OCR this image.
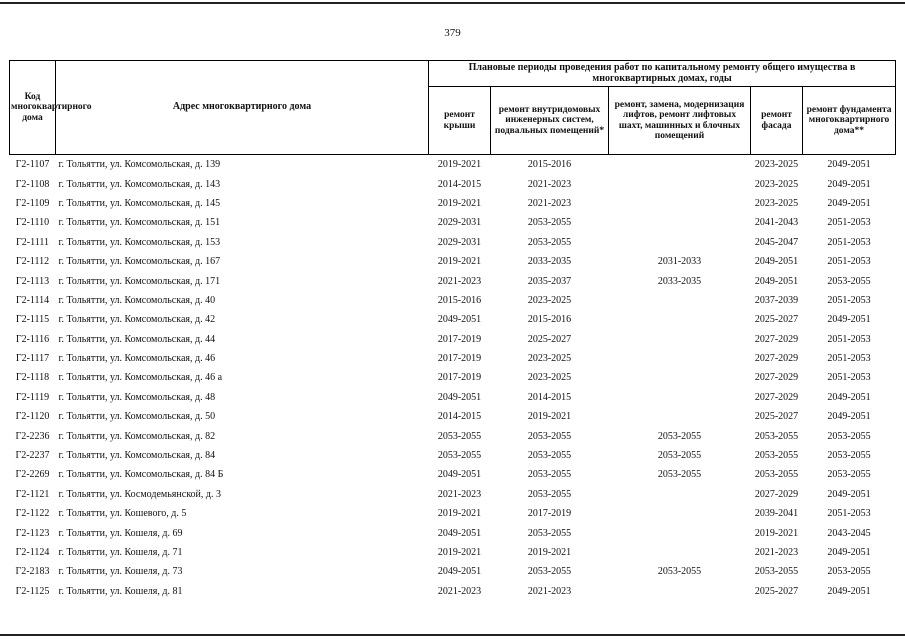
379
Код многоквартирного дома	Адрес многоквартирного дома	Плановые периоды проведения работ по капитальному ремонту общего имущества в многоквартирных домах, годы				
		ремонт крыши	ремонт внутридомовых инженерных систем, подвальных помещений*	ремонт, замена, модернизация лифтов, ремонт лифтовых шахт, машинных и блочных помещений	ремонт фасада	ремонт фундамента многоквартирного дома**
Г2-1107	г. Тольятти, ул. Комсомольская, д. 139	2019-2021	2015-2016		2023-2025	2049-2051
Г2-1108	г. Тольятти, ул. Комсомольская, д. 143	2014-2015	2021-2023		2023-2025	2049-2051
Г2-1109	г. Тольятти, ул. Комсомольская, д. 145	2019-2021	2021-2023		2023-2025	2049-2051
Г2-1110	г. Тольятти, ул. Комсомольская, д. 151	2029-2031	2053-2055		2041-2043	2051-2053
Г2-1111	г. Тольятти, ул. Комсомольская, д. 153	2029-2031	2053-2055		2045-2047	2051-2053
Г2-1112	г. Тольятти, ул. Комсомольская, д. 167	2019-2021	2033-2035	2031-2033	2049-2051	2051-2053
Г2-1113	г. Тольятти, ул. Комсомольская, д. 171	2021-2023	2035-2037	2033-2035	2049-2051	2053-2055
Г2-1114	г. Тольятти, ул. Комсомольская, д. 40	2015-2016	2023-2025		2037-2039	2051-2053
Г2-1115	г. Тольятти, ул. Комсомольская, д. 42	2049-2051	2015-2016		2025-2027	2049-2051
Г2-1116	г. Тольятти, ул. Комсомольская, д. 44	2017-2019	2025-2027		2027-2029	2051-2053
Г2-1117	г. Тольятти, ул. Комсомольская, д. 46	2017-2019	2023-2025		2027-2029	2051-2053
Г2-1118	г. Тольятти, ул. Комсомольская, д. 46 а	2017-2019	2023-2025		2027-2029	2051-2053
Г2-1119	г. Тольятти, ул. Комсомольская, д. 48	2049-2051	2014-2015		2027-2029	2049-2051
Г2-1120	г. Тольятти, ул. Комсомольская, д. 50	2014-2015	2019-2021		2025-2027	2049-2051
Г2-2236	г. Тольятти, ул. Комсомольская, д. 82	2053-2055	2053-2055	2053-2055	2053-2055	2053-2055
Г2-2237	г. Тольятти, ул. Комсомольская, д. 84	2053-2055	2053-2055	2053-2055	2053-2055	2053-2055
Г2-2269	г. Тольятти, ул. Комсомольская, д. 84 Б	2049-2051	2053-2055	2053-2055	2053-2055	2053-2055
Г2-1121	г. Тольятти, ул. Космодемьянской, д. 3	2021-2023	2053-2055		2027-2029	2049-2051
Г2-1122	г. Тольятти, ул. Кошевого, д. 5	2019-2021	2017-2019		2039-2041	2051-2053
Г2-1123	г. Тольятти, ул. Кошеля, д. 69	2049-2051	2053-2055		2019-2021	2043-2045
Г2-1124	г. Тольятти, ул. Кошеля, д. 71	2019-2021	2019-2021		2021-2023	2049-2051
Г2-2183	г. Тольятти, ул. Кошеля, д. 73	2049-2051	2053-2055	2053-2055	2053-2055	2053-2055
Г2-1125	г. Тольятти, ул. Кошеля, д. 81	2021-2023	2021-2023		2025-2027	2049-2051
